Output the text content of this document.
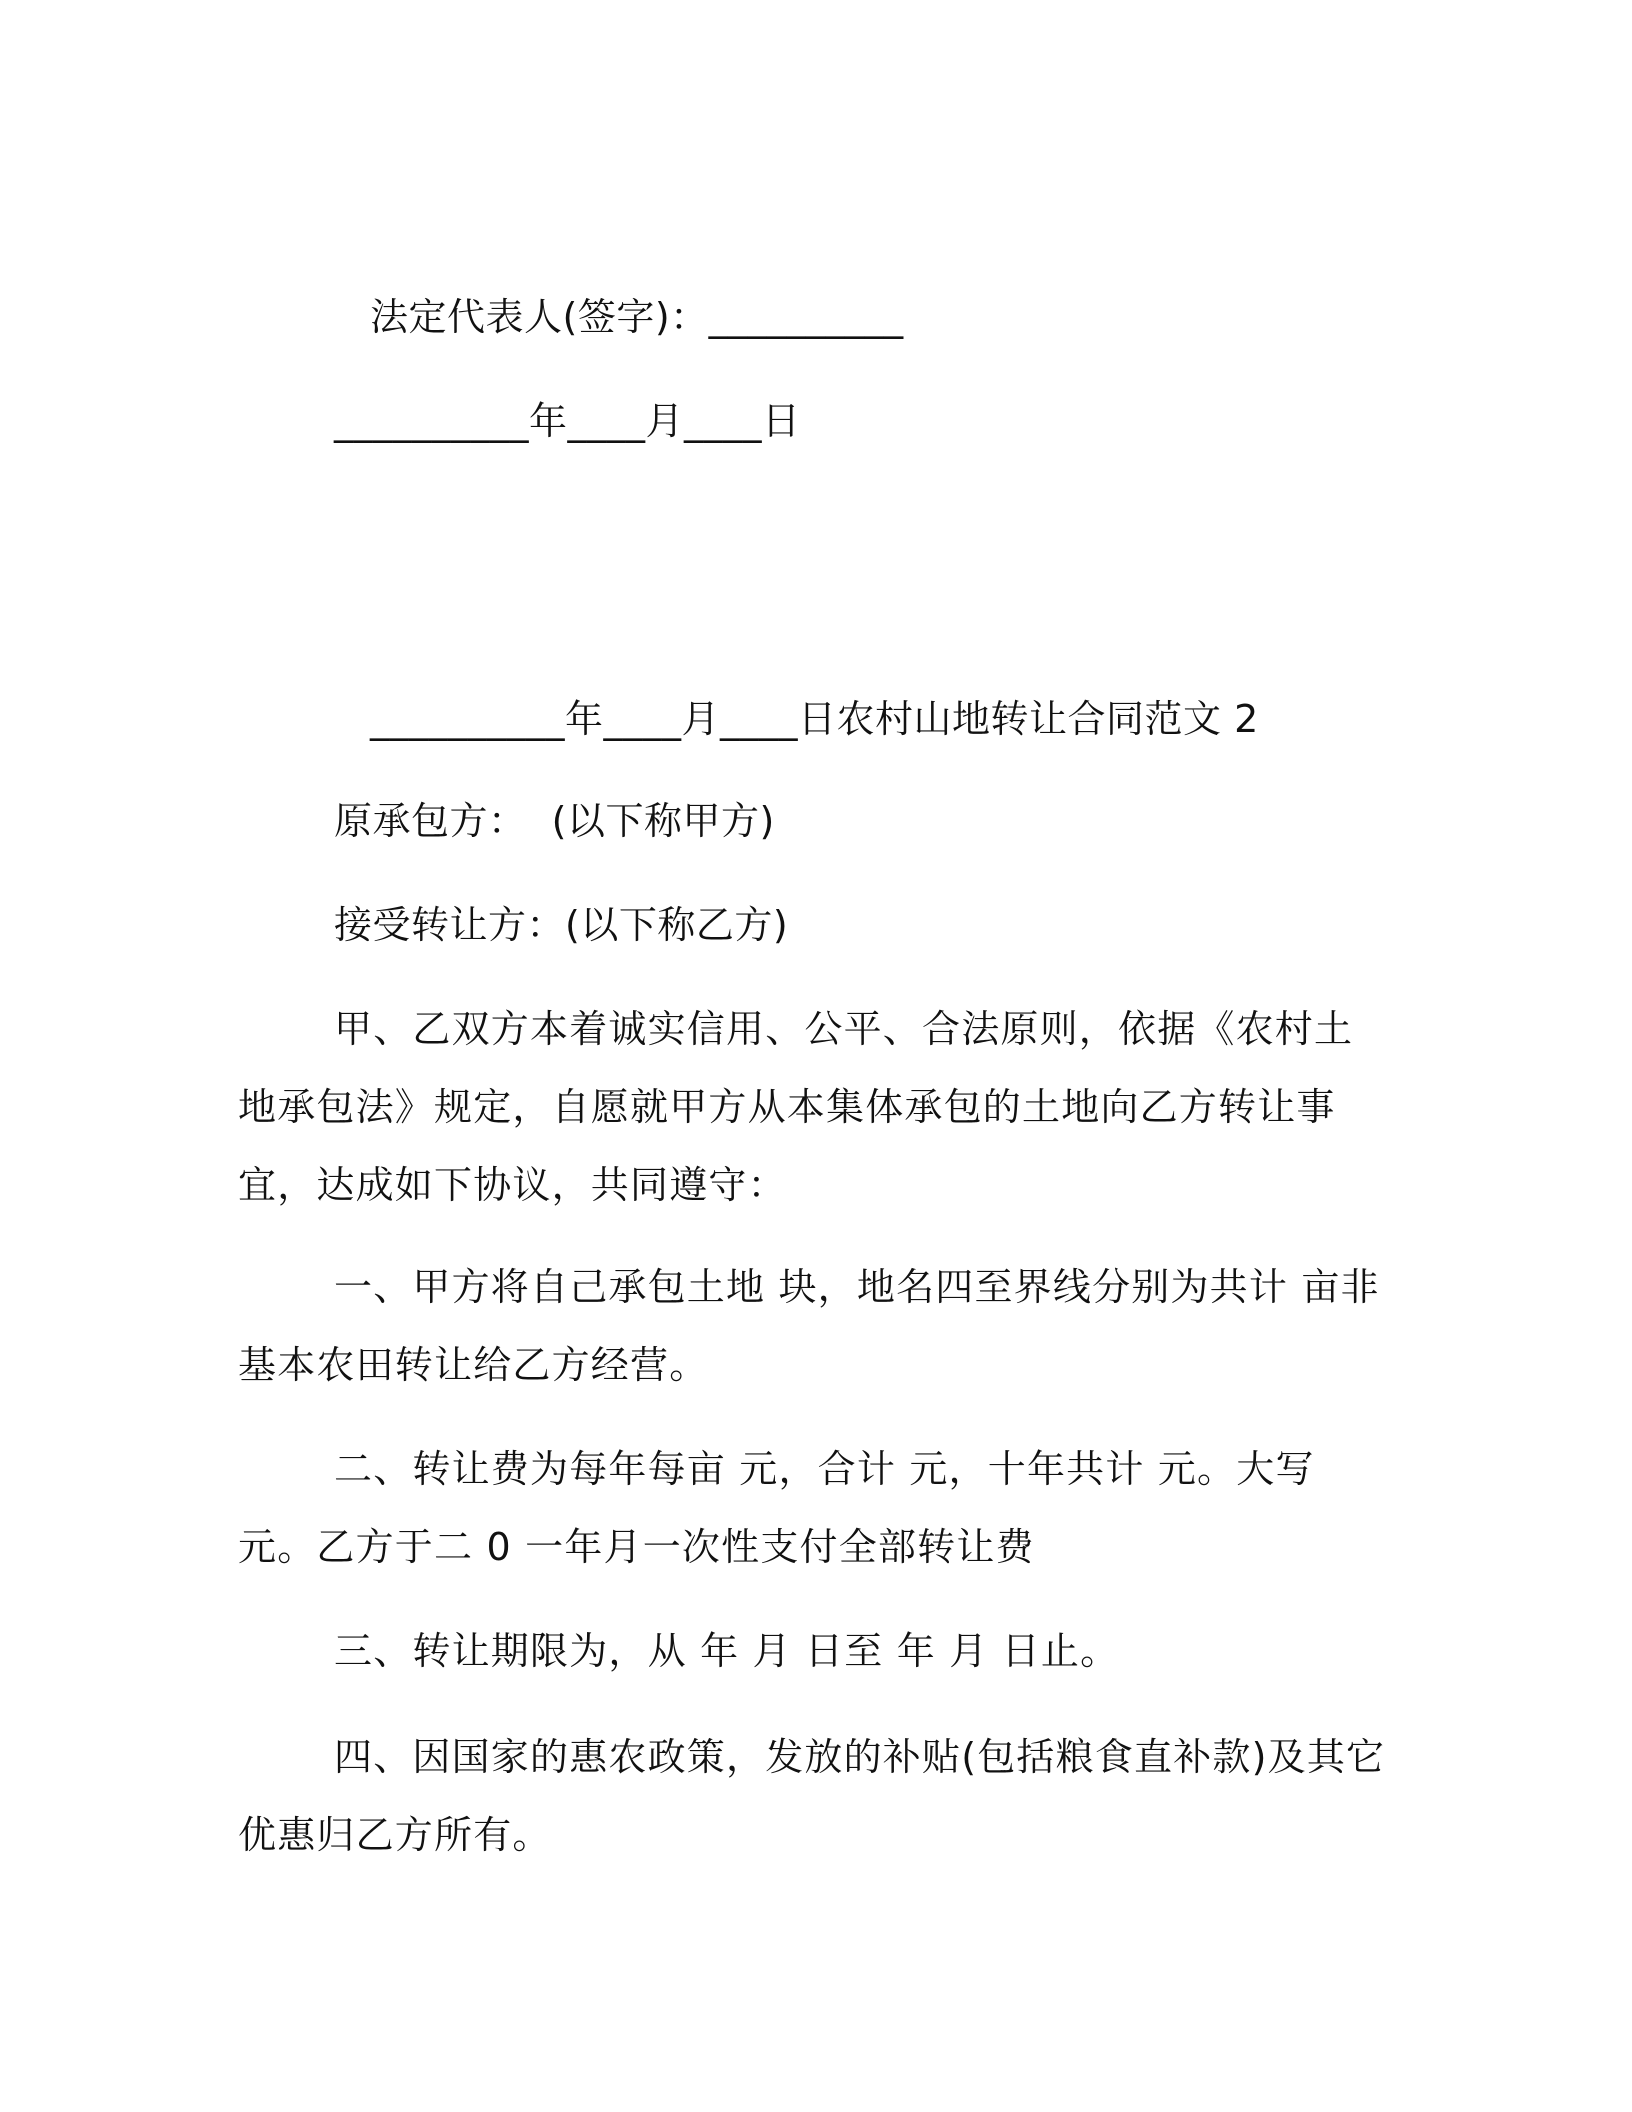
法定代表人(签字)：__________
__________年____月____日
__________年____月____日农村山地转让合同范文 2
原承包方：  (以下称甲方)
接受转让方：(以下称乙方)
甲、乙双方本着诚实信用、公平、合法原则，依据《农村土地承包法》规定，自愿就甲方从本集体承包的土地向乙方转让事宜，达成如下协议，共同遵守：
一、甲方将自己承包土地 块，地名四至界线分别为共计 亩非基本农田转让给乙方经营。
二、转让费为每年每亩 元，合计 元，十年共计 元。大写 元。乙方于二 0 一年月一次性支付全部转让费
三、转让期限为，从 年 月 日至 年 月 日止。
四、因国家的惠农政策，发放的补贴(包括粮食直补款)及其它优惠归乙方所有。
